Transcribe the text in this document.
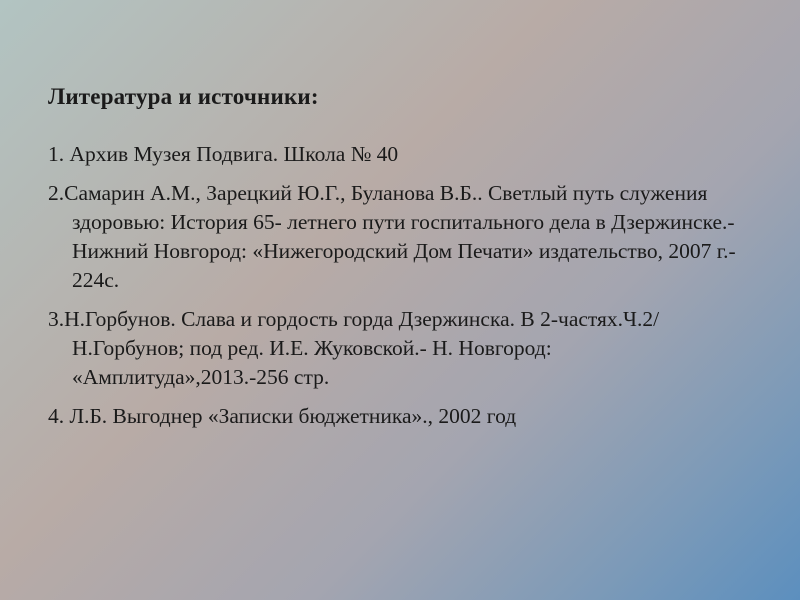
Литература и источники:
1. Архив Музея Подвига. Школа № 40
2.Самарин А.М., Зарецкий Ю.Г., Буланова В.Б.. Светлый путь служения здоровью: История 65- летнего пути госпитального дела в Дзержинске.- Нижний Новгород: «Нижегородский Дом Печати» издательство, 2007 г.- 224с.
3.Н.Горбунов. Слава и гордость горда Дзержинска. В 2-частях.Ч.2/Н.Горбунов; под ред. И.Е. Жуковской.- Н. Новгород: «Амплитуда»,2013.-256 стр.
4. Л.Б. Выгоднер «Записки бюджетника»., 2002 год
